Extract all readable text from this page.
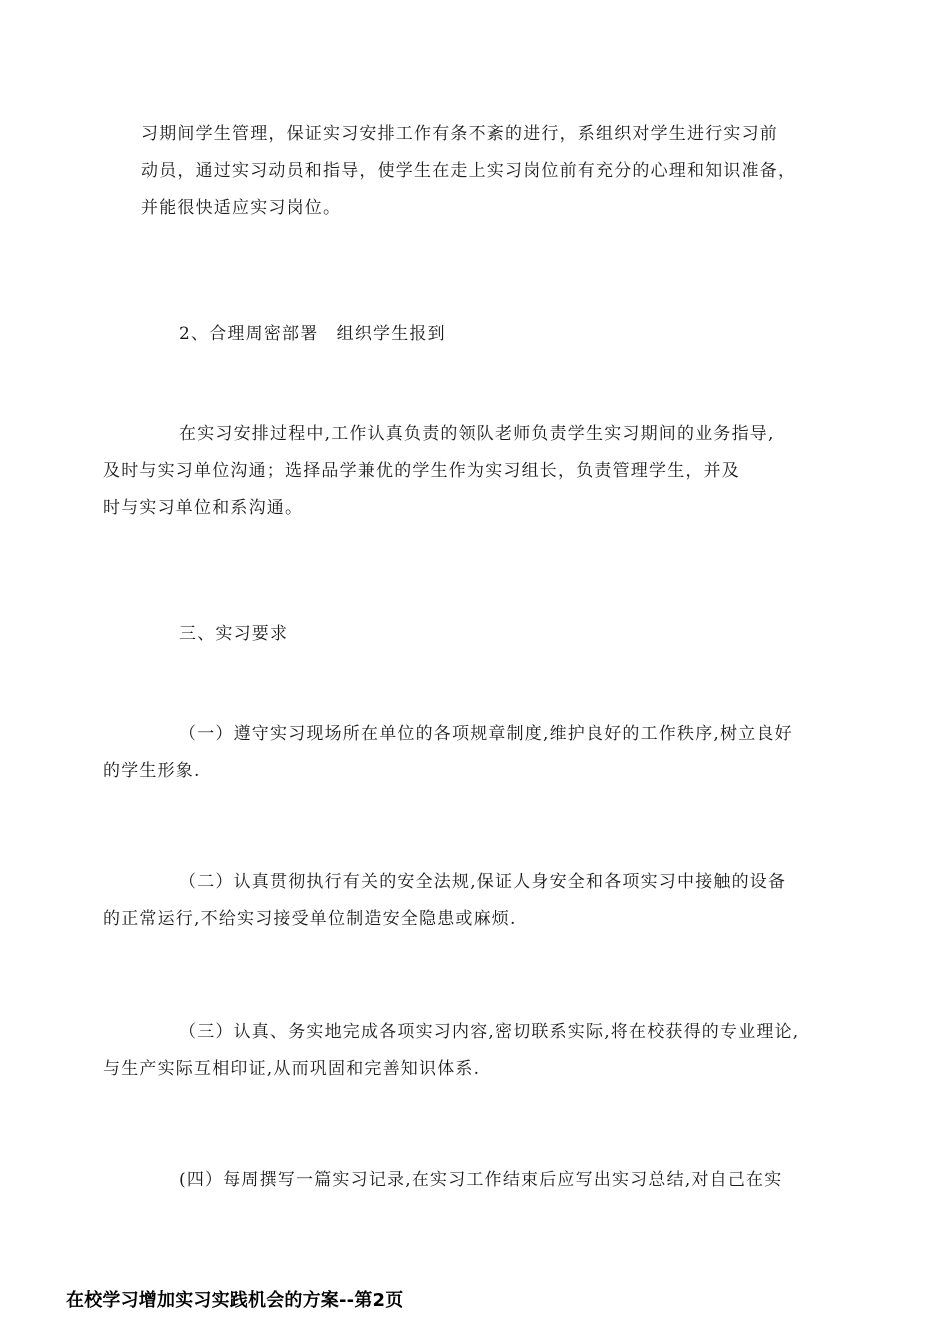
习期间学生管理，保证实习安排工作有条不紊的进行，系组织对学生进行实习前
动员，通过实习动员和指导，使学生在走上实习岗位前有充分的心理和知识准备，
并能很快适应实习岗位。

2、合理周密部署　组织学生报到

在实习安排过程中,工作认真负责的领队老师负责学生实习期间的业务指导,
及时与实习单位沟通；选择品学兼优的学生作为实习组长，负责管理学生，并及
时与实习单位和系沟通。

三、实习要求

（一）遵守实习现场所在单位的各项规章制度,维护良好的工作秩序,树立良好
的学生形象.

（二）认真贯彻执行有关的安全法规,保证人身安全和各项实习中接触的设备
的正常运行,不给实习接受单位制造安全隐患或麻烦.

（三）认真、务实地完成各项实习内容,密切联系实际,将在校获得的专业理论,
与生产实际互相印证,从而巩固和完善知识体系.

(四）每周撰写一篇实习记录,在实习工作结束后应写出实习总结,对自己在实

在校学习增加实习实践机会的方案--第2页
